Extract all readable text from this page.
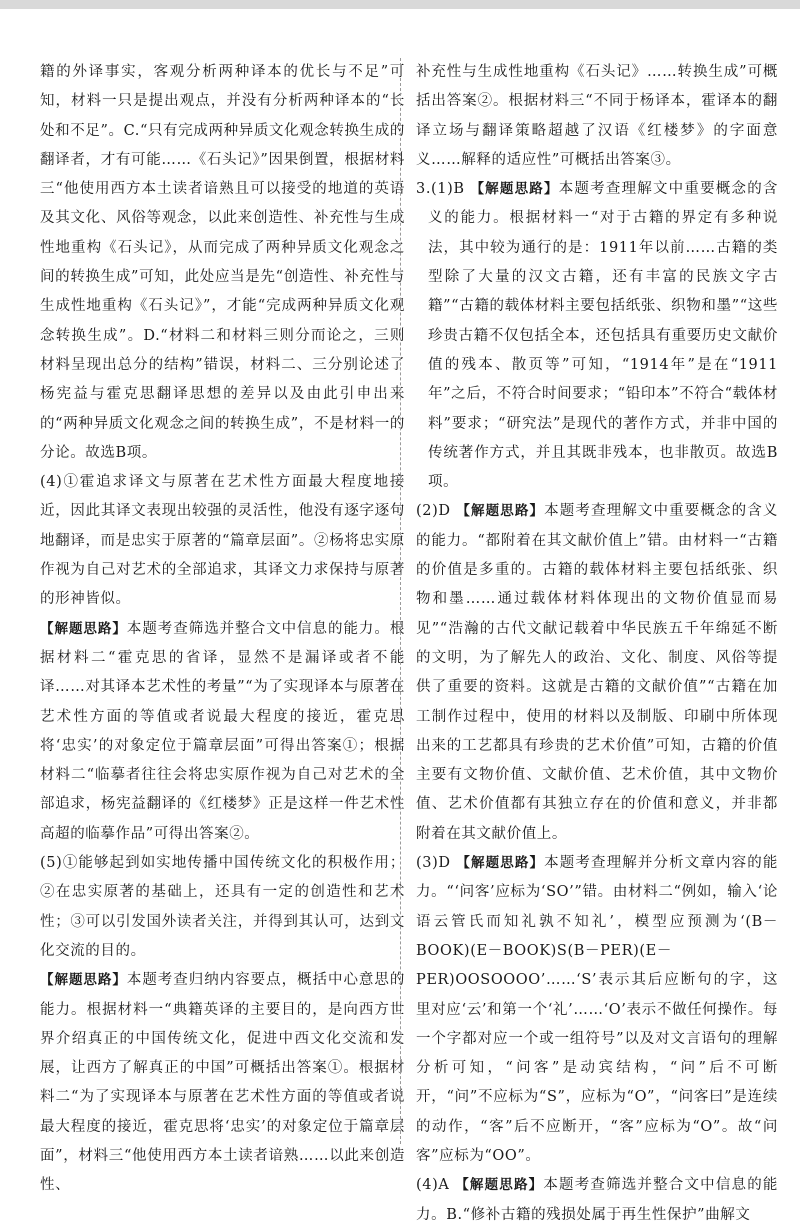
籍的外译事实，客观分析两种译本的优长与不足”可知，材料一只是提出观点，并没有分析两种译本的“长处和不足”。C.“只有完成两种异质文化观念转换生成的翻译者，才有可能……《石头记》”因果倒置，根据材料三“他使用西方本土读者谙熟且可以接受的地道的英语及其文化、风俗等观念，以此来创造性、补充性与生成性地重构《石头记》，从而完成了两种异质文化观念之间的转换生成”可知，此处应当是先“创造性、补充性与生成性地重构《石头记》”，才能“完成两种异质文化观念转换生成”。D.“材料二和材料三则分而论之，三则材料呈现出总分的结构”错误，材料二、三分别论述了杨宪益与霍克思翻译思想的差异以及由此引申出来的“两种异质文化观念之间的转换生成”，不是材料一的分论。故选B项。

(4)①霍追求译文与原著在艺术性方面最大程度地接近，因此其译文表现出较强的灵活性，他没有逐字逐句地翻译，而是忠实于原著的“篇章层面”。②杨将忠实原作视为自己对艺术的全部追求，其译文力求保持与原著的形神皆似。

【解题思路】本题考查筛选并整合文中信息的能力。根据材料二“霍克思的省译，显然不是漏译或者不能译……对其译本艺术性的考量”“为了实现译本与原著在艺术性方面的等值或者说最大程度的接近，霍克思将‘忠实’的对象定位于篇章层面”可得出答案①；根据材料二“临摹者往往会将忠实原作视为自己对艺术的全部追求，杨宪益翻译的《红楼梦》正是这样一件艺术性高超的临摹作品”可得出答案②。

(5)①能够起到如实地传播中国传统文化的积极作用；②在忠实原著的基础上，还具有一定的创造性和艺术性；③可以引发国外读者关注，并得到其认可，达到文化交流的目的。

【解题思路】本题考查归纳内容要点，概括中心意思的能力。根据材料一“典籍英译的主要目的，是向西方世界介绍真正的中国传统文化，促进中西文化交流和发展，让西方了解真正的中国”可概括出答案①。根据材料二“为了实现译本与原著在艺术性方面的等值或者说最大程度的接近，霍克思将‘忠实’的对象定位于篇章层面”，材料三“他使用西方本土读者谙熟……以此来创造性、

补充性与生成性地重构《石头记》……转换生成”可概括出答案②。根据材料三“不同于杨译本，霍译本的翻译立场与翻译策略超越了汉语《红楼梦》的字面意义……解释的适应性”可概括出答案③。

3.(1)B 【解题思路】本题考查理解文中重要概念的含义的能力。根据材料一“对于古籍的界定有多种说法，其中较为通行的是：1911年以前……古籍的类型除了大量的汉文古籍，还有丰富的民族文字古籍”“古籍的载体材料主要包括纸张、织物和墨”“这些珍贵古籍不仅包括全本，还包括具有重要历史文献价值的残本、散页等”可知，“1914年”是在“1911年”之后，不符合时间要求；“铅印本”不符合“载体材料”要求；“研究法”是现代的著作方式，并非中国的传统著作方式，并且其既非残本，也非散页。故选B项。

(2)D 【解题思路】本题考查理解文中重要概念的含义的能力。“都附着在其文献价值上”错。由材料一“古籍的价值是多重的。古籍的载体材料主要包括纸张、织物和墨……通过载体材料体现出的文物价值显而易见”“浩瀚的古代文献记载着中华民族五千年绵延不断的文明，为了解先人的政治、文化、制度、风俗等提供了重要的资料。这就是古籍的文献价值”“古籍在加工制作过程中，使用的材料以及制版、印刷中所体现出来的工艺都具有珍贵的艺术价值”可知，古籍的价值主要有文物价值、文献价值、艺术价值，其中文物价值、艺术价值都有其独立存在的价值和意义，并非都附着在其文献价值上。

(3)D 【解题思路】本题考查理解并分析文章内容的能力。“‘问客’应标为‘SO’”错。由材料二“例如，输入‘论语云管氏而知礼孰不知礼’，模型应预测为‘(B－BOOK)(E－BOOK)S(B－PER)(E－PER)OOSOOOO’……‘S’表示其后应断句的字，这里对应‘云’和第一个‘礼’……‘O’表示不做任何操作。每一个字都对应一个或一组符号”以及对文言语句的理解分析可知，“问客”是动宾结构，“问”后不可断开，“问”不应标为“S”，应标为“O”，“问客曰”是连续的动作，“客”后不应断开，“客”应标为“O”。故“问客”应标为“OO”。

(4)A 【解题思路】本题考查筛选并整合文中信息的能力。B.“修补古籍的残损处属于再生性保护”曲解文
